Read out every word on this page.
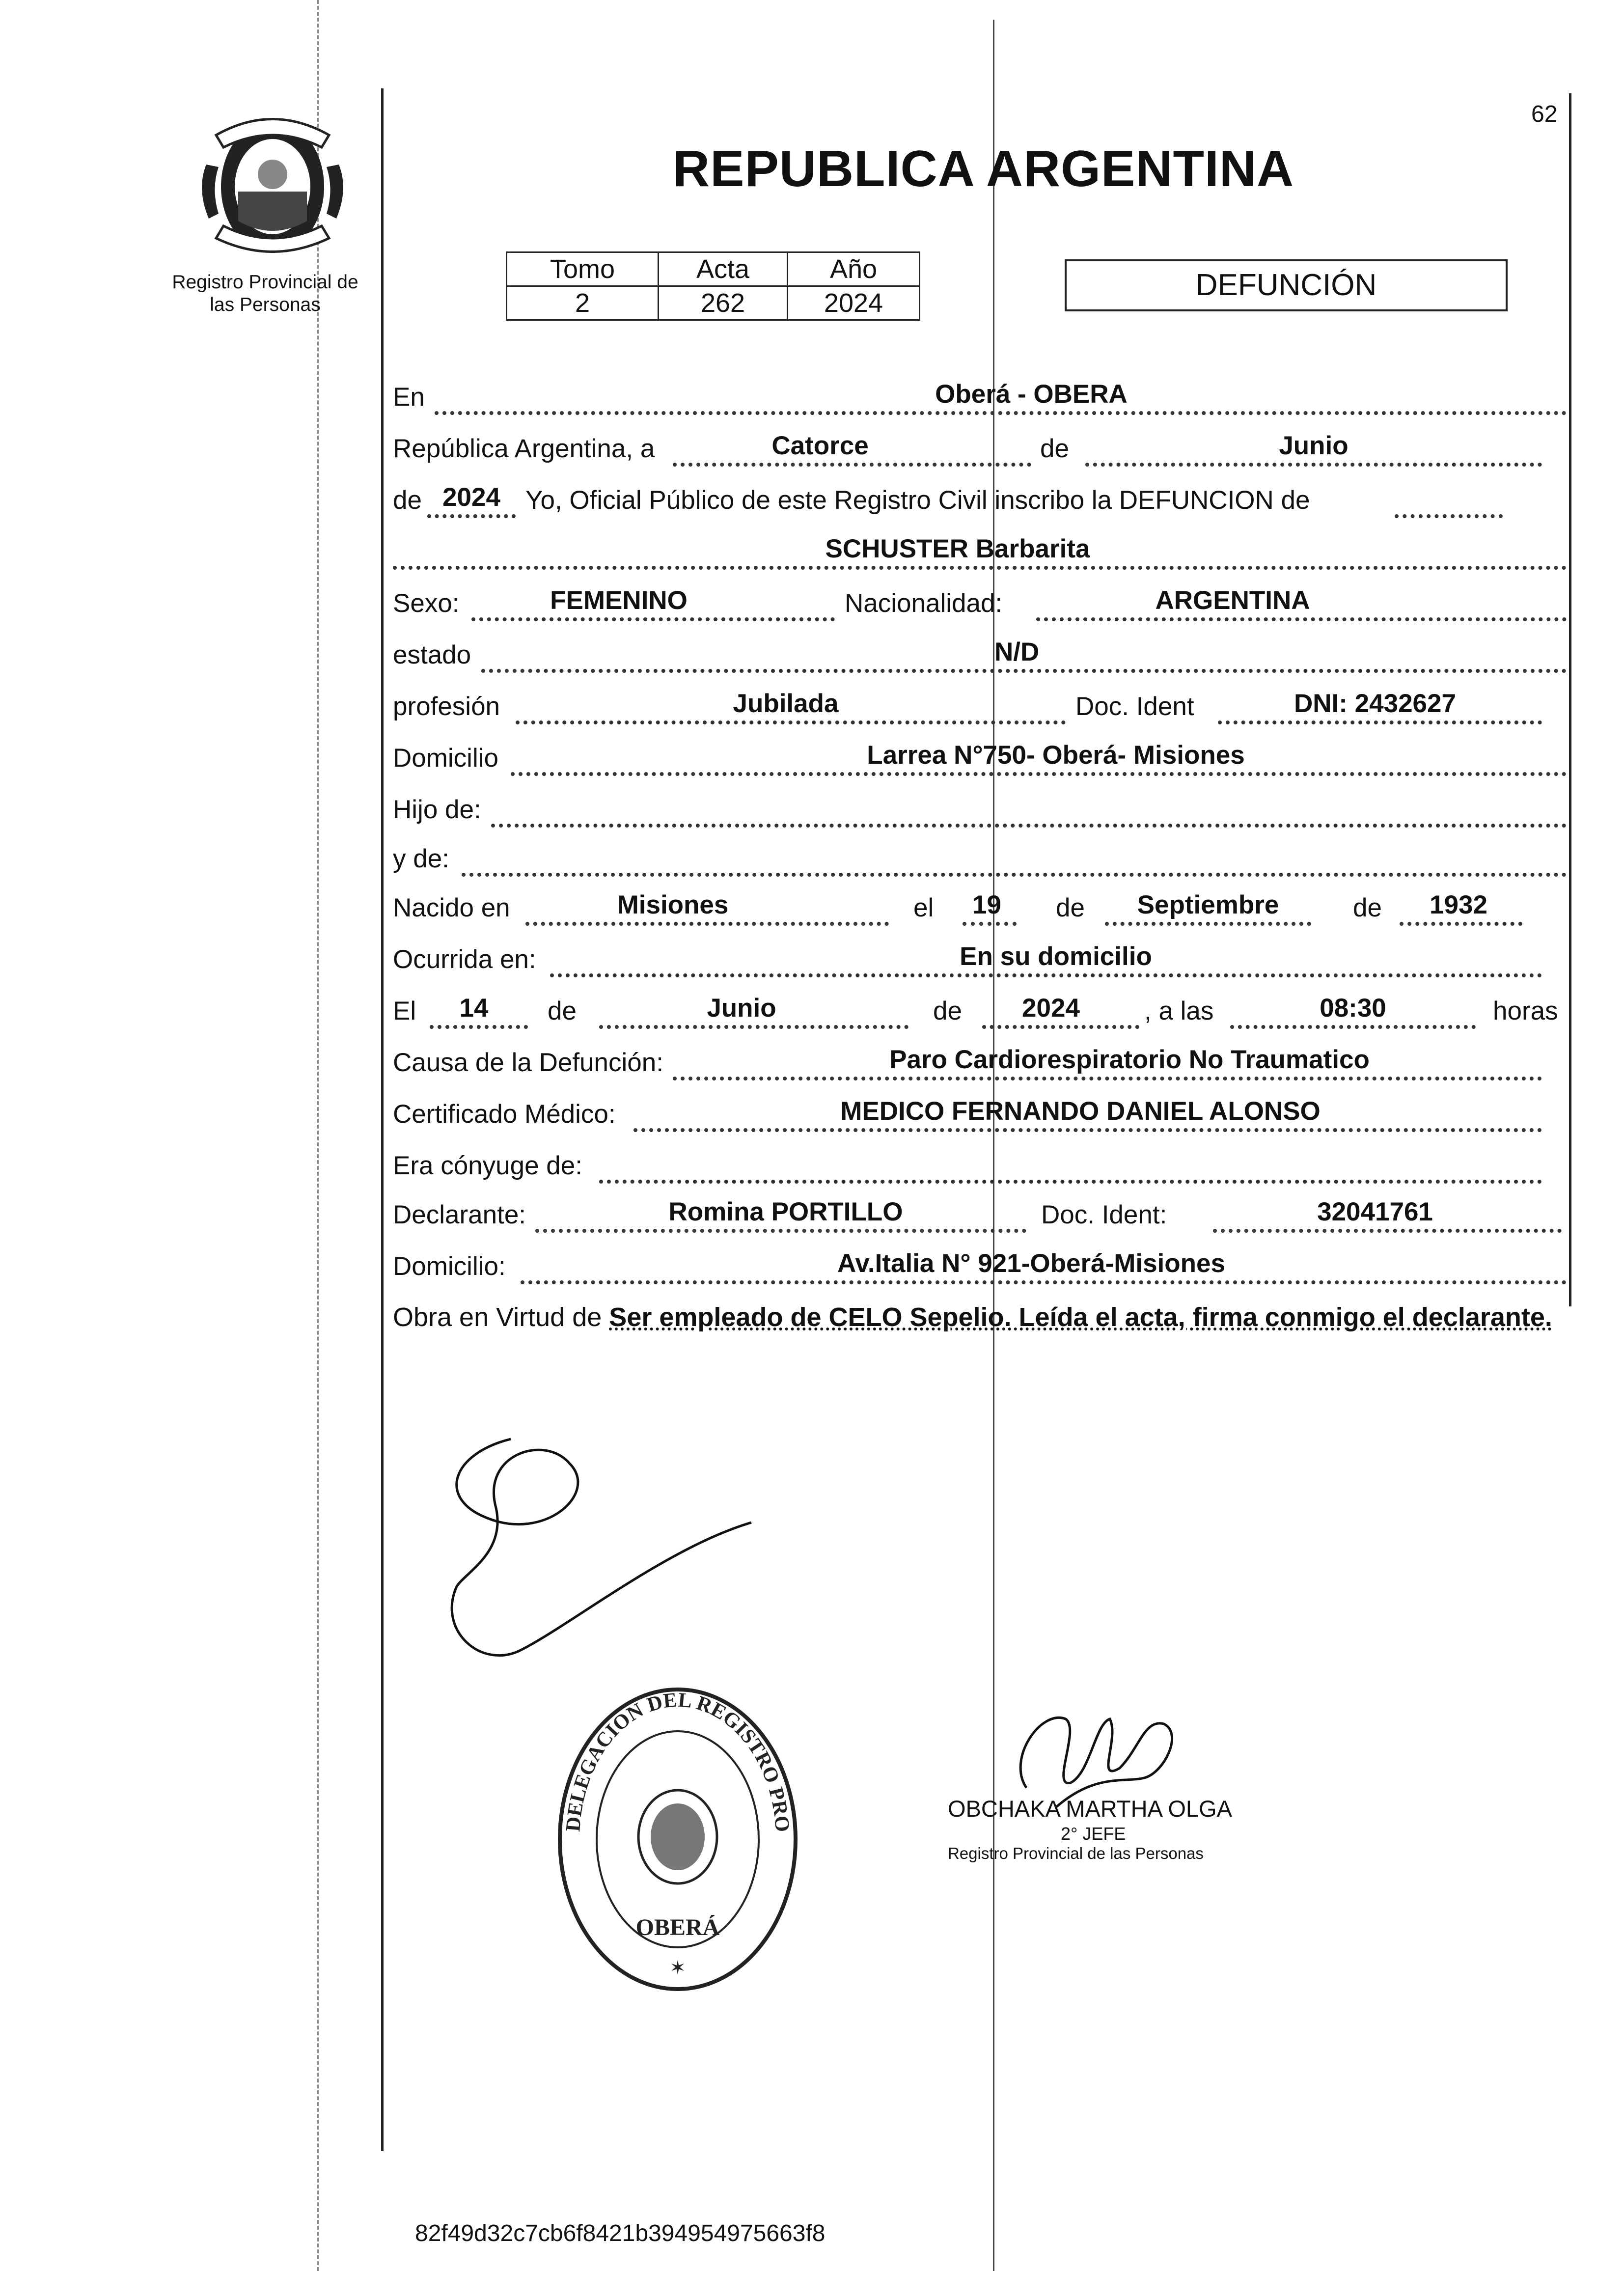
62
Registro Provincial de
las Personas
REPUBLICA ARGENTINA
Tomo	Acta	Año
2	262	2024
DEFUNCIÓN
En	Oberá - OBERA
República Argentina, a	Catorce	de	Junio
de 2024 Yo, Oficial Público de este Registro Civil inscribo la DEFUNCION de
SCHUSTER Barbarita
Sexo:	FEMENINO	Nacionalidad:	ARGENTINA
estado	N/D
profesión	Jubilada	Doc. Ident	DNI: 2432627
Domicilio	Larrea N°750- Oberá- Misiones
Hijo de:
y de:
Nacido en	Misiones	el 19 de	Septiembre	de	1932
Ocurrida en:	En su domicilio
El	14	de	Junio	de	2024	, a las	08:30	horas
Causa de la Defunción:	Paro Cardiorespiratorio No Traumatico
Certificado Médico:	MEDICO FERNANDO DANIEL ALONSO
Era cónyuge de:
Declarante:	Romina PORTILLO	Doc. Ident:	32041761
Domicilio:	Av.Italia N° 921-Oberá-Misiones
Obra en Virtud de Ser empleado de CELO Sepelio. Leída el acta, firma conmigo el declarante.
DELEGACION DEL REGISTRO PRO
OBERÁ
✶
OBCHAKA MARTHA OLGA
2° JEFE
Registro Provincial de las Personas
82f49d32c7cb6f8421b394954975663f8
